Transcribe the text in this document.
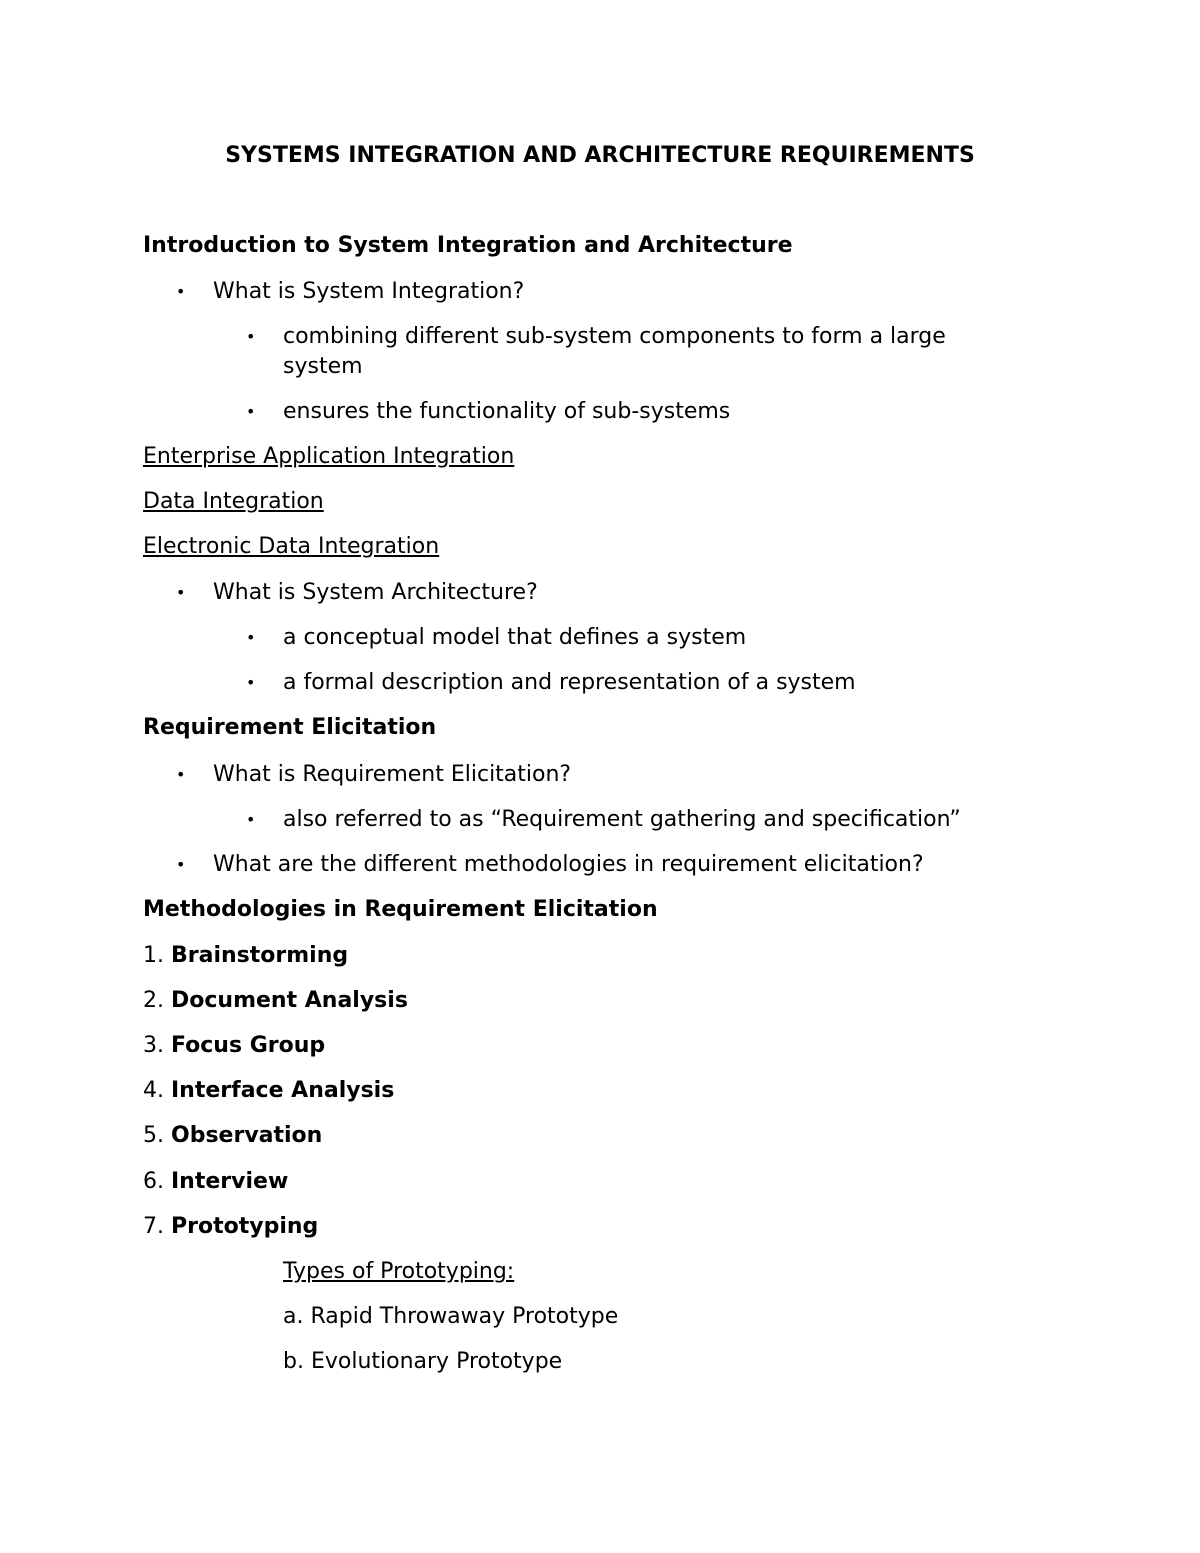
SYSTEMS INTEGRATION AND ARCHITECTURE REQUIREMENTS
Introduction to System Integration and Architecture
• What is System Integration?
• combining different sub-system components to form a large
system
• ensures the functionality of sub-systems
Enterprise Application Integration
Data Integration
Electronic Data Integration
• What is System Architecture?
• a conceptual model that defines a system
• a formal description and representation of a system
Requirement Elicitation
• What is Requirement Elicitation?
• also referred to as “Requirement gathering and specification”
• What are the different methodologies in requirement elicitation?
Methodologies in Requirement Elicitation
1. Brainstorming
2. Document Analysis
3. Focus Group
4. Interface Analysis
5. Observation
6. Interview
7. Prototyping
Types of Prototyping:
a. Rapid Throwaway Prototype
b. Evolutionary Prototype
